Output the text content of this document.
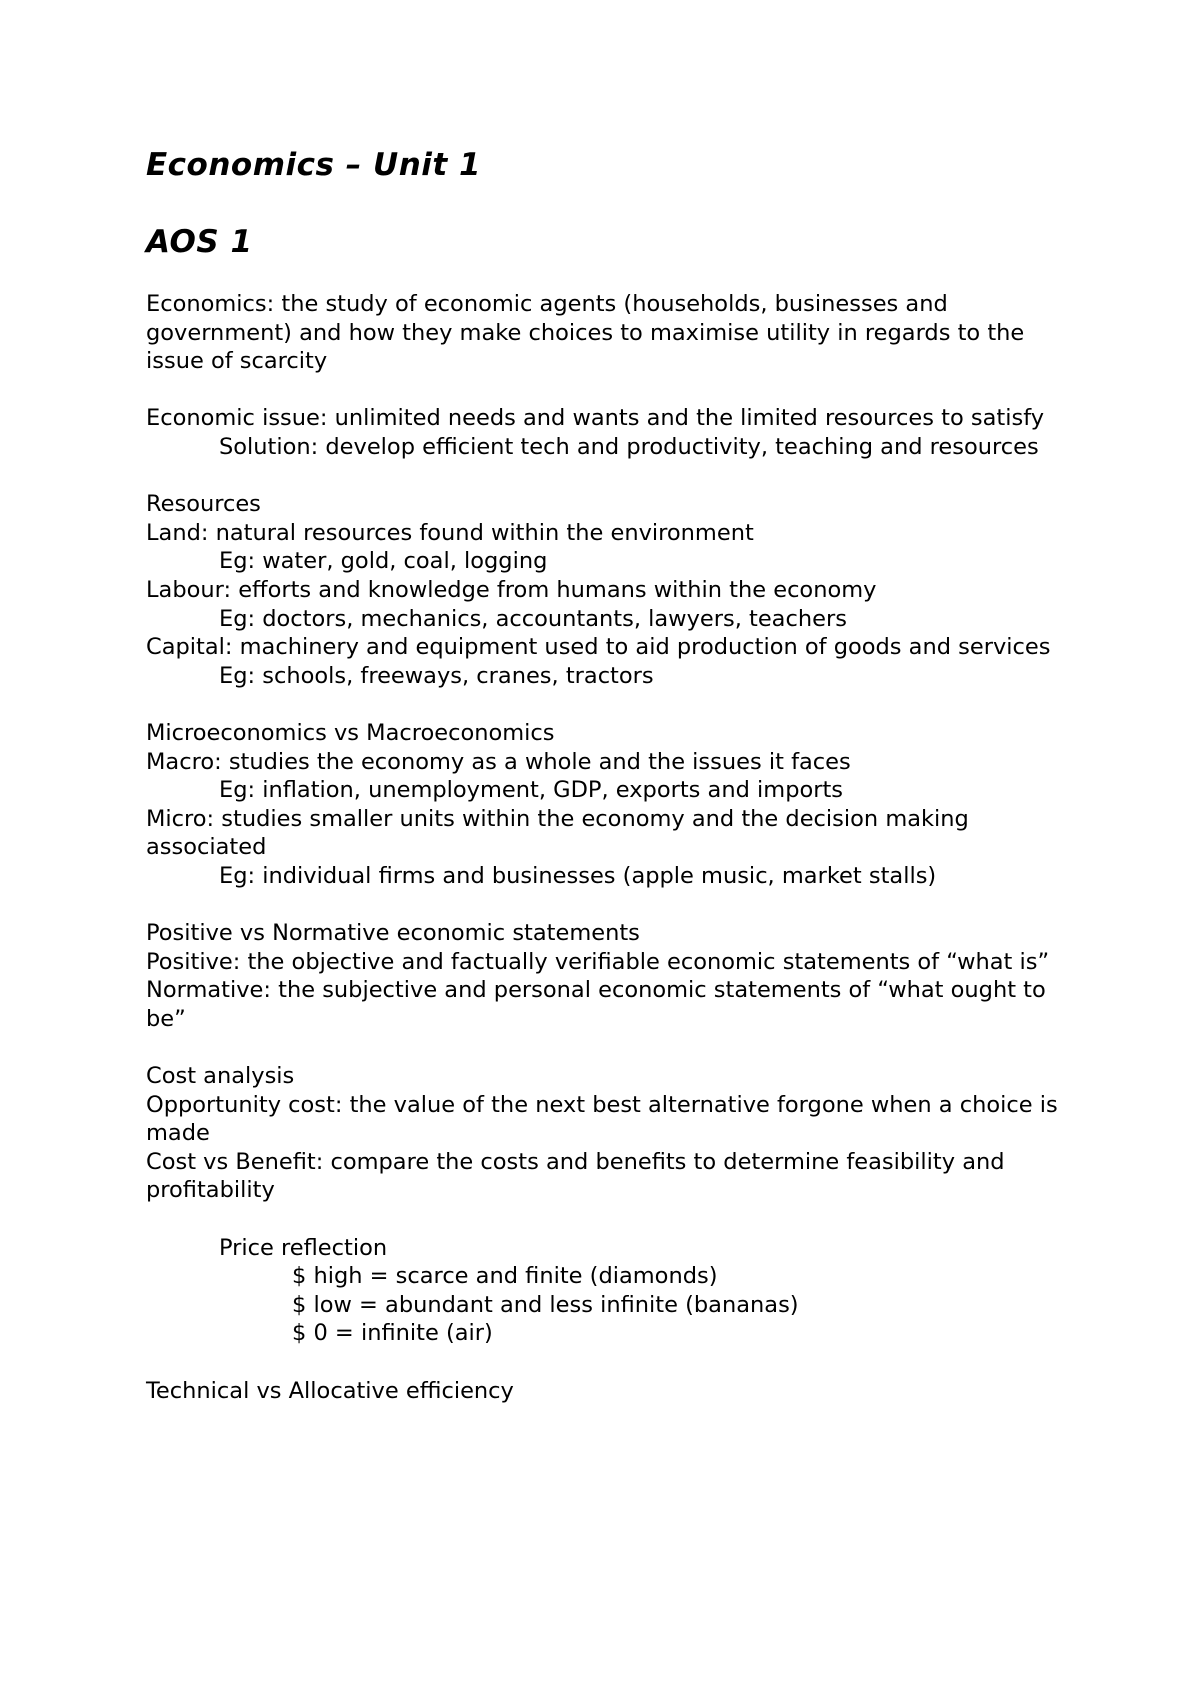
Economics – Unit 1
AOS 1

Economics: the study of economic agents (households, businesses and government) and how they make choices to maximise utility in regards to the issue of scarcity

Economic issue: unlimited needs and wants and the limited resources to satisfy

Solution: develop efficient tech and productivity, teaching and resources

Resources

Land: natural resources found within the environment

Eg: water, gold, coal, logging

Labour: efforts and knowledge from humans within the economy

Eg: doctors, mechanics, accountants, lawyers, teachers

Capital: machinery and equipment used to aid production of goods and services

Eg: schools, freeways, cranes, tractors

Microeconomics vs Macroeconomics

Macro: studies the economy as a whole and the issues it faces

Eg: inflation, unemployment, GDP, exports and imports

Micro: studies smaller units within the economy and the decision making associated

Eg: individual firms and businesses (apple music, market stalls)

Positive vs Normative economic statements

Positive: the objective and factually verifiable economic statements of “what is”

Normative: the subjective and personal economic statements of “what ought to be”

Cost analysis

Opportunity cost: the value of the next best alternative forgone when a choice is made

Cost vs Benefit: compare the costs and benefits to determine feasibility and profitability

Price reflection

$ high = scarce and finite (diamonds)

$ low = abundant and less infinite (bananas)

$ 0 = infinite (air)

Technical vs Allocative efficiency
